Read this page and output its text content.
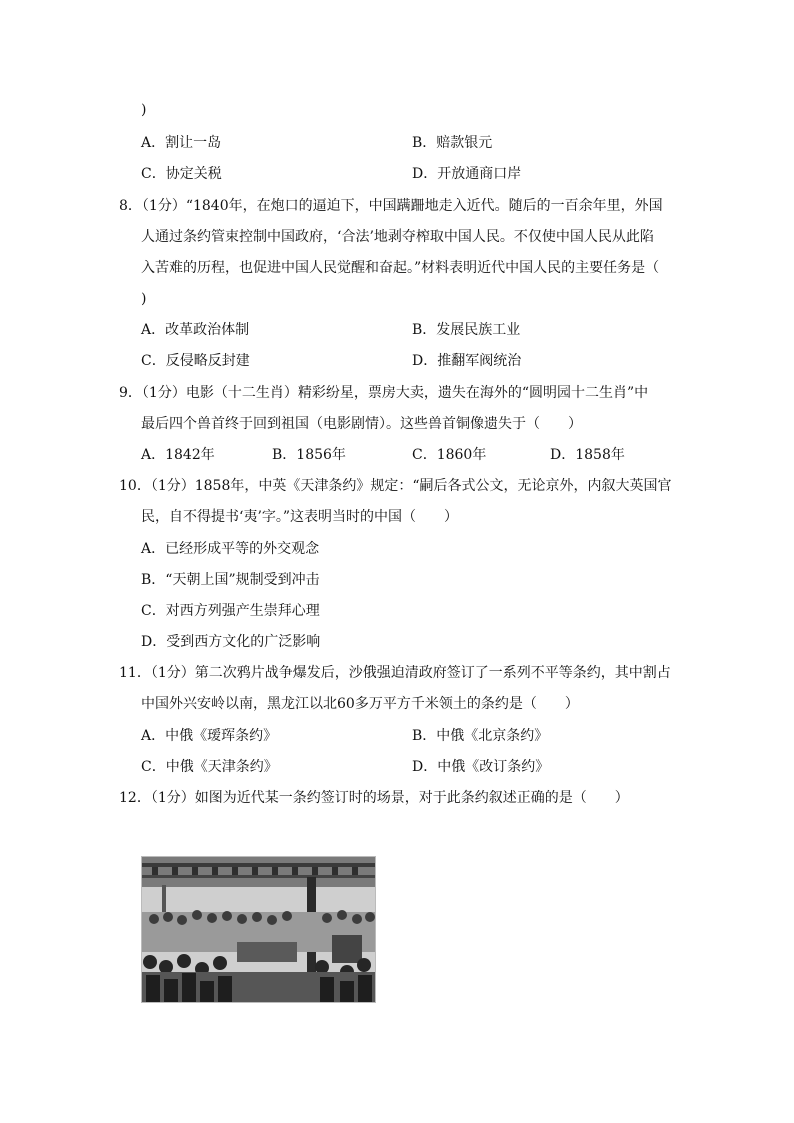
)
A．割让一岛	B．赔款银元
C．协定关税	D．开放通商口岸
8．（1分）“1840年，在炮口的逼迫下，中国蹒跚地走入近代。随后的一百余年里，外国
人通过条约管束控制中国政府，‘合法’地剥夺榨取中国人民。不仅使中国人民从此陷
入苦难的历程，也促进中国人民觉醒和奋起。”材料表明近代中国人民的主要任务是（
)
A．改革政治体制	B．发展民族工业
C．反侵略反封建	D．推翻军阀统治
9．（1分）电影（十二生肖）精彩纷星，票房大卖，遗失在海外的“圆明园十二生肖”中
最后四个兽首终于回到祖国（电影剧情）。这些兽首铜像遗失于（　　）
A．1842年	B．1856年	C．1860年	D．1858年
10．（1分）1858年，中英《天津条约》规定：“嗣后各式公文，无论京外，内叙大英国官
民，自不得提书‘夷’字。”这表明当时的中国（　　）
A．已经形成平等的外交观念
B．“天朝上国”规制受到冲击
C．对西方列强产生崇拜心理
D．受到西方文化的广泛影响
11．（1分）第二次鸦片战争爆发后，沙俄强迫清政府签订了一系列不平等条约，其中割占
中国外兴安岭以南，黑龙江以北60多万平方千米领土的条约是（　　）
A．中俄《瑷珲条约》	B．中俄《北京条约》
C．中俄《天津条约》	D．中俄《改订条约》
12．（1分）如图为近代某一条约签订时的场景，对于此条约叙述正确的是（　　）
